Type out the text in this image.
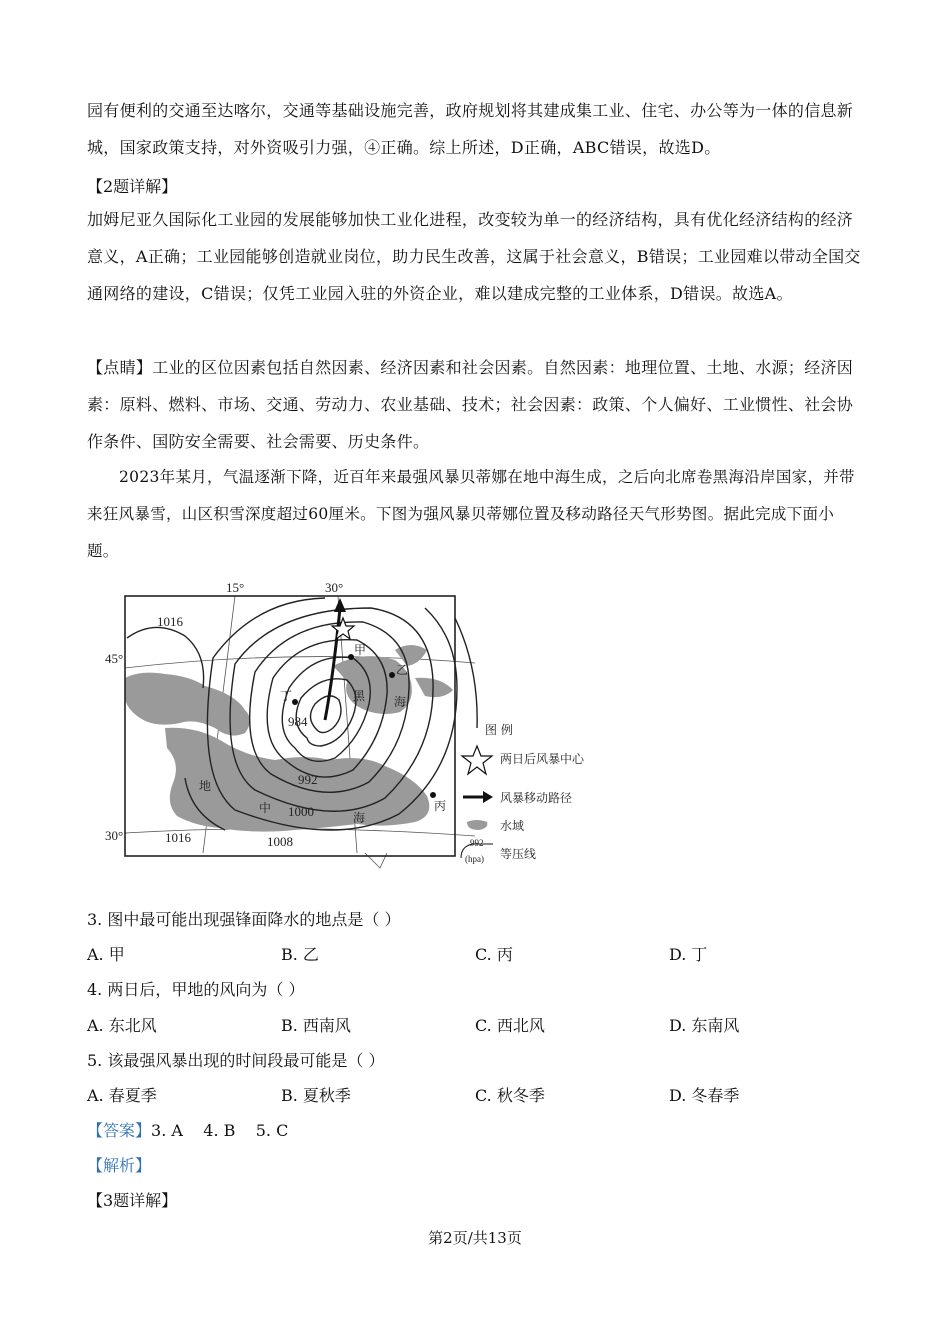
园有便利的交通至达喀尔，交通等基础设施完善，政府规划将其建成集工业、住宅、办公等为一体的信息新城，国家政策支持，对外资吸引力强，④正确。综上所述，D正确，ABC错误，故选D。
【2题详解】
加姆尼亚久国际化工业园的发展能够加快工业化进程，改变较为单一的经济结构，具有优化经济结构的经济意义，A正确；工业园能够创造就业岗位，助力民生改善，这属于社会意义，B错误；工业园难以带动全国交通网络的建设，C错误；仅凭工业园入驻的外资企业，难以建成完整的工业体系，D错误。故选A。
【点睛】工业的区位因素包括自然因素、经济因素和社会因素。自然因素：地理位置、土地、水源；经济因素：原料、燃料、市场、交通、劳动力、农业基础、技术；社会因素：政策、个人偏好、工业惯性、社会协作条件、国防安全需要、社会需要、历史条件。
2023年某月，气温逐渐下降，近百年来最强风暴贝蒂娜在地中海生成，之后向北席卷黑海沿岸国家，并带来狂风暴雪，山区积雪深度超过60厘米。下图为强风暴贝蒂娜位置及移动路径天气形势图。据此完成下面小题。
15°	30°
45°
30°
1016
984
992
1000
1008
1016
甲
乙
丙
丁	黑 海
地
中
海
图 例
两日后风暴中心
风暴移动路径
水域
992
(hpa) 等压线
3. 图中最可能出现强锋面降水的地点是（ ）
A. 甲	B. 乙	C. 丙	D. 丁
4. 两日后，甲地的风向为（ ）
A. 东北风	B. 西南风	C. 西北风	D. 东南风
5. 该最强风暴出现的时间段最可能是（ ）
A. 春夏季	B. 夏秋季	C. 秋冬季	D. 冬春季
【答案】3. A    4. B    5. C
【解析】
【3题详解】
第2页/共13页
